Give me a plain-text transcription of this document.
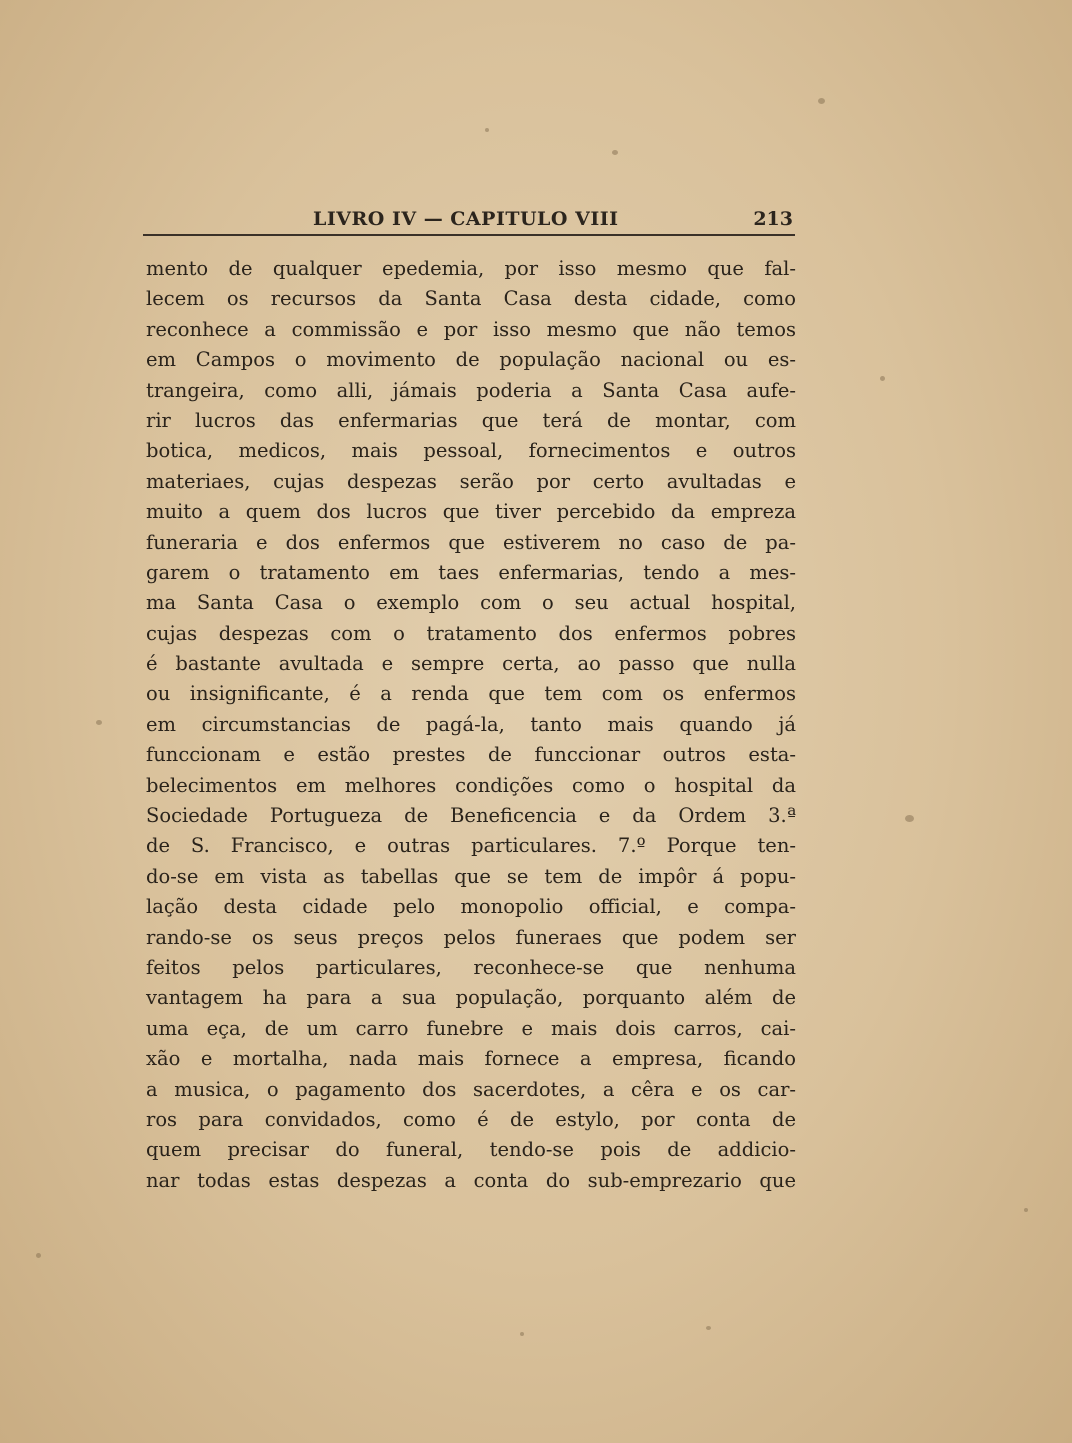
LIVRO IV — CAPITULO VIII	213
mento de qualquer epedemia, por isso mesmo que fal-
lecem os recursos da Santa Casa desta cidade, como
reconhece a commissão e por isso mesmo que não temos
em Campos o movimento de população nacional ou es-
trangeira, como alli, jámais poderia a Santa Casa aufe-
rir lucros das enfermarias que terá de montar, com
botica, medicos, mais pessoal, fornecimentos e outros
materiaes, cujas despezas serão por certo avultadas e
muito a quem dos lucros que tiver percebido da empreza
funeraria e dos enfermos que estiverem no caso de pa-
garem o tratamento em taes enfermarias, tendo a mes-
ma Santa Casa o exemplo com o seu actual hospital,
cujas despezas com o tratamento dos enfermos pobres
é bastante avultada e sempre certa, ao passo que nulla
ou insignificante, é a renda que tem com os enfermos
em circumstancias de pagá-la, tanto mais quando já
funccionam e estão prestes de funccionar outros esta-
belecimentos em melhores condições como o hospital da
Sociedade Portugueza de Beneficencia e da Ordem 3.ª
de S. Francisco, e outras particulares. 7.º Porque ten-
do-se em vista as tabellas que se tem de impôr á popu-
lação desta cidade pelo monopolio official, e compa-
rando-se os seus preços pelos funeraes que podem ser
feitos pelos particulares, reconhece-se que nenhuma
vantagem ha para a sua população, porquanto além de
uma eça, de um carro funebre e mais dois carros, cai-
xão e mortalha, nada mais fornece a empresa, ficando
a musica, o pagamento dos sacerdotes, a cêra e os car-
ros para convidados, como é de estylo, por conta de
quem precisar do funeral, tendo-se pois de addicio-
nar todas estas despezas a conta do sub-emprezario que
